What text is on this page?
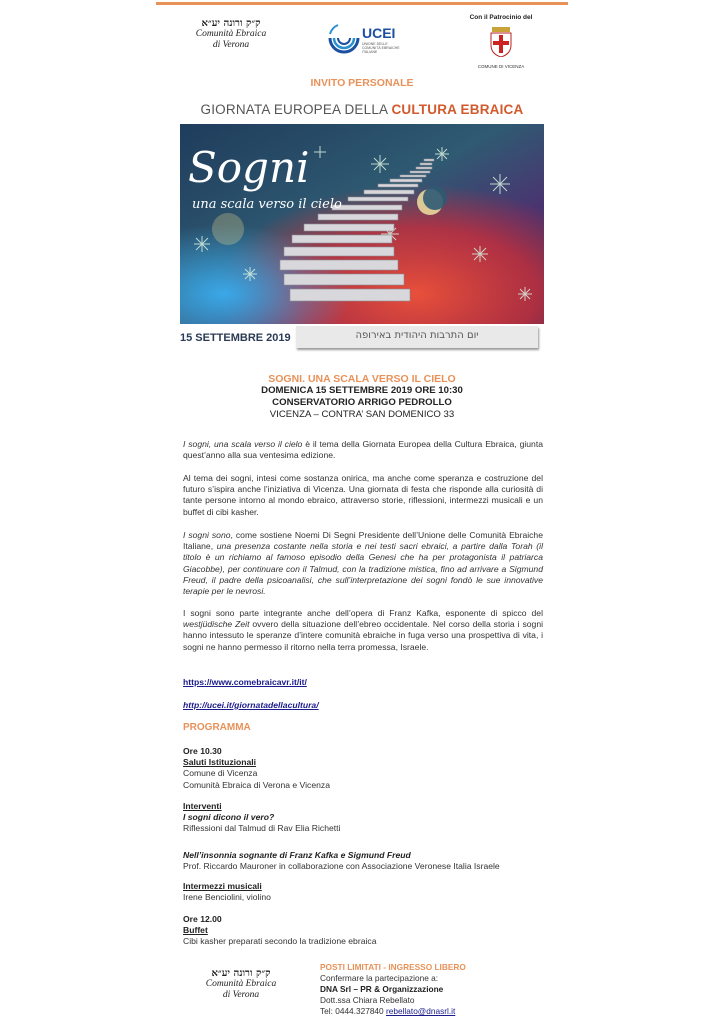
ק״ק ורונה יע״א
Comunità Ebraica
di Verona
UCEI
UNIONE DELLE COMUNITÀ EBRAICHE ITALIANE
Con il Patrocinio del
COMUNE DI VICENZA
INVITO PERSONALE
GIORNATA EUROPEA DELLA CULTURA EBRAICA
Sogni
una scala verso il cielo
יום התרבות היהודית באירופה
15 SETTEMBRE 2019
SOGNI. UNA SCALA VERSO IL CIELO
DOMENICA 15 SETTEMBRE 2019 ORE 10:30
CONSERVATORIO ARRIGO PEDROLLO
VICENZA – CONTRA’ SAN DOMENICO 33

I sogni, una scala verso il cielo è il tema della Giornata Europea della Cultura Ebraica, giunta quest’anno alla sua ventesima edizione.

Al tema dei sogni, intesi come sostanza onirica, ma anche come speranza e costruzione del futuro s’ispira anche l’iniziativa di Vicenza. Una giornata di festa che risponde alla curiosità di tante persone intorno al mondo ebraico, attraverso storie, riflessioni, intermezzi musicali e un buffet di cibi kasher.

I sogni sono, come sostiene Noemi Di Segni Presidente dell’Unione delle Comunità Ebraiche Italiane, una presenza costante nella storia e nei testi sacri ebraici, a partire dalla Torah (il titolo è un richiamo al famoso episodio della Genesi che ha per protagonista il patriarca Giacobbe), per continuare con il Talmud, con la tradizione mistica, fino ad arrivare a Sigmund Freud, il padre della psicoanalisi, che sull’interpretazione dei sogni fondò le sue innovative terapie per le nevrosi.

I sogni sono parte integrante anche dell’opera di Franz Kafka, esponente di spicco del westjüdische Zeit ovvero della situazione dell’ebreo occidentale. Nel corso della storia i sogni hanno intessuto le speranze d’intere comunità ebraiche in fuga verso una prospettiva di vita, i sogni ne hanno permesso il ritorno nella terra promessa, Israele.

https://www.comebraicavr.it/it/
http://ucei.it/giornatadellacultura/
PROGRAMMA
Ore 10.30
Saluti Istituzionali
Comune di Vicenza
Comunità Ebraica di Verona e Vicenza
Interventi
I sogni dicono il vero?
Riflessioni dal Talmud di Rav Elia Richetti
Nell’insonnia sognante di Franz Kafka e Sigmund Freud
Prof. Riccardo Mauroner in collaborazione con Associazione Veronese Italia Israele
Intermezzi musicali
Irene Benciolini, violino
Ore 12.00
Buffet
Cibi kasher preparati secondo la tradizione ebraica
ק״ק ורונה יע״א
Comunità Ebraica
di Verona
POSTI LIMITATI - INGRESSO LIBERO
Confermare la partecipazione a:
DNA Srl – PR & Organizzazione
Dott.ssa Chiara Rebellato
Tel: 0444.327840 rebellato@dnasrl.it
